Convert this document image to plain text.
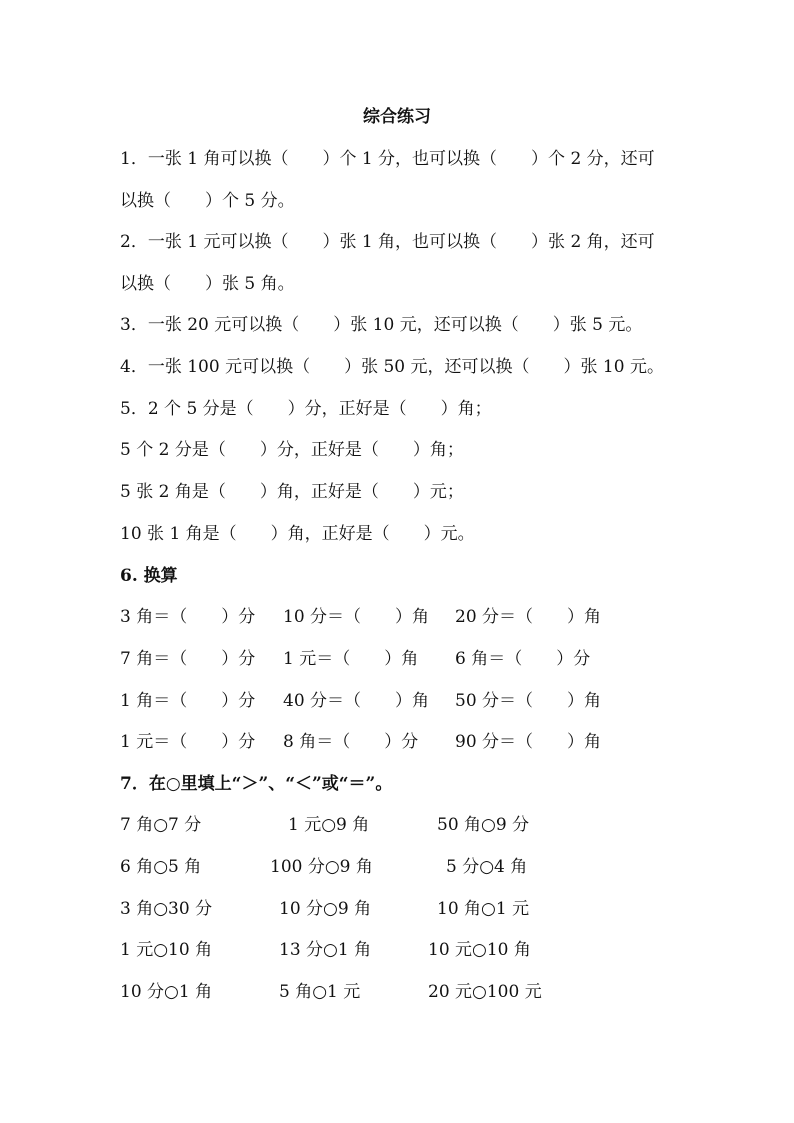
综合练习
1．一张 1 角可以换（　　）个 1 分，也可以换（　　）个 2 分，还可
以换（　　）个 5 分。
2．一张 1 元可以换（　　）张 1 角，也可以换（　　）张 2 角，还可
以换（　　）张 5 角。
3．一张 20 元可以换（　　）张 10 元，还可以换（　　）张 5 元。
4．一张 100 元可以换（　　）张 50 元，还可以换（　　）张 10 元。
5．2 个 5 分是（　　）分，正好是（　　）角；
5 个 2 分是（　　）分，正好是（　　）角；
5 张 2 角是（　　）角，正好是（　　）元；
10 张 1 角是（　　）角，正好是（　　）元。
6. 换算
3 角＝（　　）分 10 分＝（　　）角 20 分＝（　　）角
7 角＝（　　）分 1 元＝（　　）角 6 角＝（　　）分
1 角＝（　　）分 40 分＝（　　）角 50 分＝（　　）角
1 元＝（　　）分 8 角＝（　　）分 90 分＝（　　）角
7．在○里填上“＞”、“＜”或“＝”。
7 角○7 分	1 元○9 角	50 角○9 分
6 角○5 角	100 分○9 角	5 分○4 角
3 角○30 分	10 分○9 角	10 角○1 元
1 元○10 角	13 分○1 角	10 元○10 角
10 分○1 角	5 角○1 元	20 元○100 元
